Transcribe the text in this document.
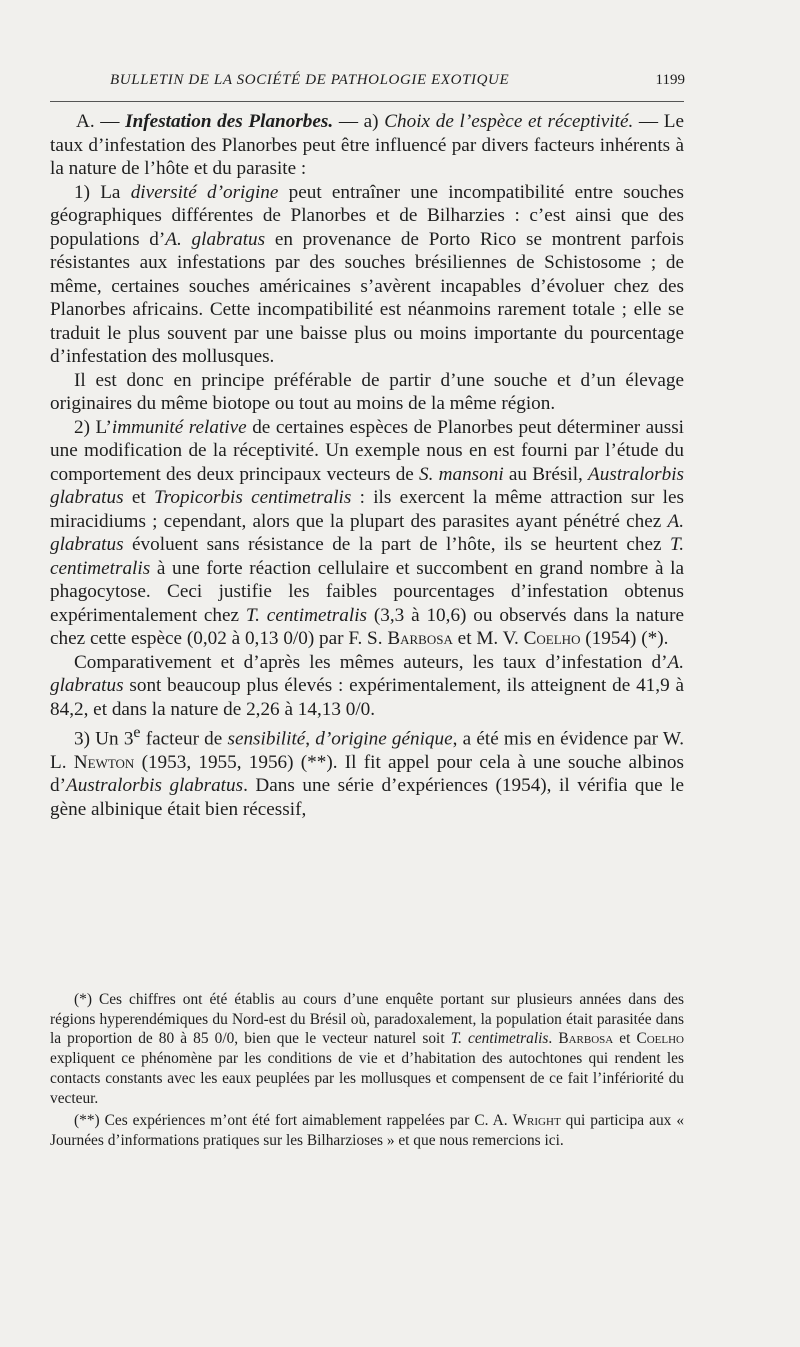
BULLETIN DE LA SOCIÉTÉ DE PATHOLOGIE EXOTIQUE	1199

A. — Infestation des Planorbes. — a) Choix de l’espèce et réceptivité. — Le taux d’infestation des Planorbes peut être influencé par divers facteurs inhérents à la nature de l’hôte et du parasite :

1) La diversité d’origine peut entraîner une incompatibilité entre souches géographiques différentes de Planorbes et de Bilharzies : c’est ainsi que des populations d’A. glabratus en provenance de Porto Rico se montrent parfois résistantes aux infestations par des souches brésiliennes de Schistosome ; de même, certaines souches américaines s’avèrent incapables d’évoluer chez des Planorbes africains. Cette incompatibilité est néanmoins rarement totale ; elle se traduit le plus souvent par une baisse plus ou moins importante du pourcentage d’infestation des mollusques.

Il est donc en principe préférable de partir d’une souche et d’un élevage originaires du même biotope ou tout au moins de la même région.

2) L’immunité relative de certaines espèces de Planorbes peut déterminer aussi une modification de la réceptivité. Un exemple nous en est fourni par l’étude du comportement des deux principaux vecteurs de S. mansoni au Brésil, Australorbis glabratus et Tropicorbis centimetralis : ils exercent la même attraction sur les miracidiums ; cependant, alors que la plupart des parasites ayant pénétré chez A. glabratus évoluent sans résistance de la part de l’hôte, ils se heurtent chez T. centimetralis à une forte réaction cellulaire et succombent en grand nombre à la phagocytose. Ceci justifie les faibles pourcentages d’infestation obtenus expérimentalement chez T. centimetralis (3,3 à 10,6) ou observés dans la nature chez cette espèce (0,02 à 0,13 0/0) par F. S. Barbosa et M. V. Coelho (1954) (*).

Comparativement et d’après les mêmes auteurs, les taux d’infestation d’A. glabratus sont beaucoup plus élevés : expérimentalement, ils atteignent de 41,9 à 84,2, et dans la nature de 2,26 à 14,13 0/0.

3) Un 3e facteur de sensibilité, d’origine génique, a été mis en évidence par W. L. Newton (1953, 1955, 1956) (**). Il fit appel pour cela à une souche albinos d’Australorbis glabratus. Dans une série d’expériences (1954), il vérifia que le gène albinique était bien récessif,

(*) Ces chiffres ont été établis au cours d’une enquête portant sur plusieurs années dans des régions hyperendémiques du Nord-est du Brésil où, paradoxalement, la population était parasitée dans la proportion de 80 à 85 0/0, bien que le vecteur naturel soit T. centimetralis. Barbosa et Coelho expliquent ce phénomène par les conditions de vie et d’habitation des autochtones qui rendent les contacts constants avec les eaux peuplées par les mollusques et compensent de ce fait l’infériorité du vecteur.

(**) Ces expériences m’ont été fort aimablement rappelées par C. A. Wright qui participa aux « Journées d’informations pratiques sur les Bilharzioses » et que nous remercions ici.
